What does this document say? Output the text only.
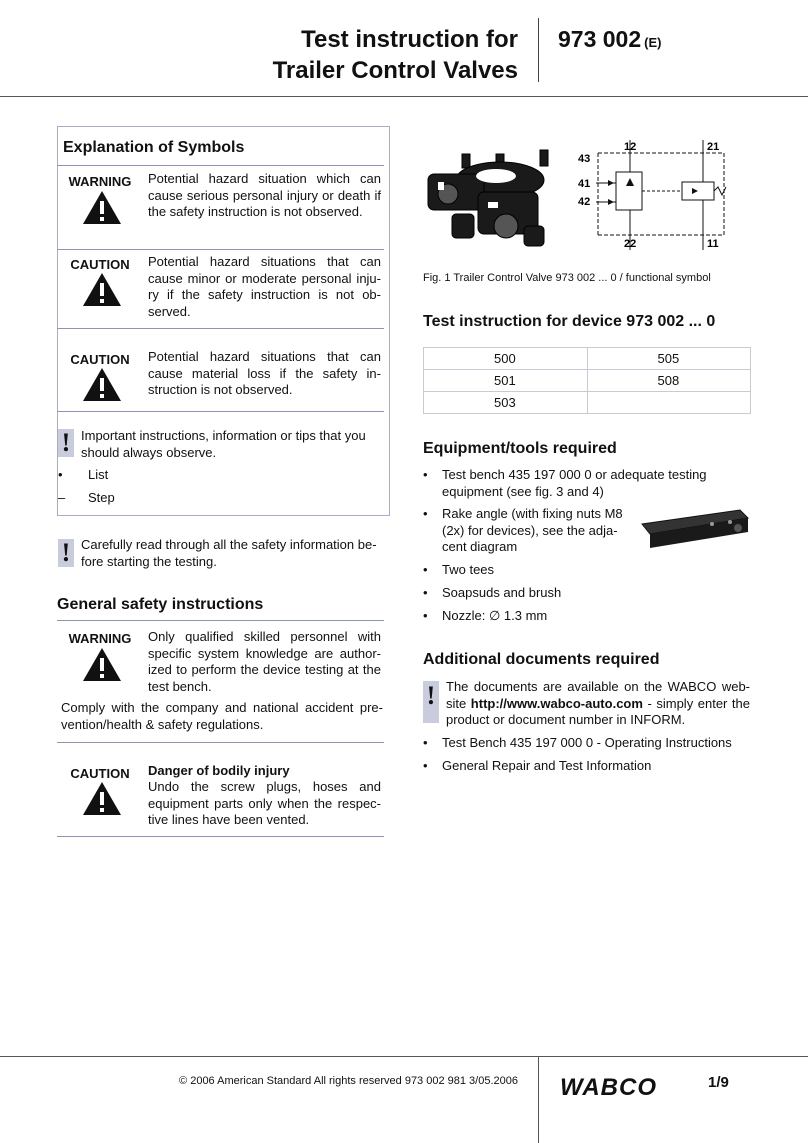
Test instruction for
Trailer Control Valves
973 002 (E)
Explanation of Symbols
WARNING	Potential hazard situation which can cause serious personal injury or death if the safety instruction is not observed.
CAUTION	Potential hazard situations that can cause minor or moderate personal inju-ry if the safety instruction is not ob-served.
CAUTION	Potential hazard situations that can cause material loss if the safety in-struction is not observed.
! Important instructions, information or tips that you should always observe.
• List
– Step
! Carefully read through all the safety information be-fore starting the testing.
General safety instructions
WARNING	Only qualified skilled personnel with specific system knowledge are author-ized to perform the device testing at the test bench.
Comply with the company and national accident pre-vention/health & safety regulations.
CAUTION	Danger of bodily injury
Undo the screw plugs, hoses and equipment parts only when the respec-tive lines have been vented.
12	21
43
41
42
22	11
Fig. 1 Trailer Control Valve 973 002 ... 0 / functional symbol
Test instruction for device 973 002 ... 0
500	505
501	508
503	
Equipment/tools required
• Test bench 435 197 000 0 or adequate testing equipment (see fig. 3 and 4)
• Rake angle (with fixing nuts M8 (2x) for devices), see the adja-cent diagram
• Two tees
• Soapsuds and brush
• Nozzle: ∅ 1.3 mm
Additional documents required
! The documents are available on the WABCO web-site http://www.wabco-auto.com - simply enter the product or document number in INFORM.
• Test Bench 435 197 000 0 - Operating Instructions
• General Repair and Test Information
© 2006 American Standard All rights reserved 973 002 981 3/05.2006 WABCO	1/9
